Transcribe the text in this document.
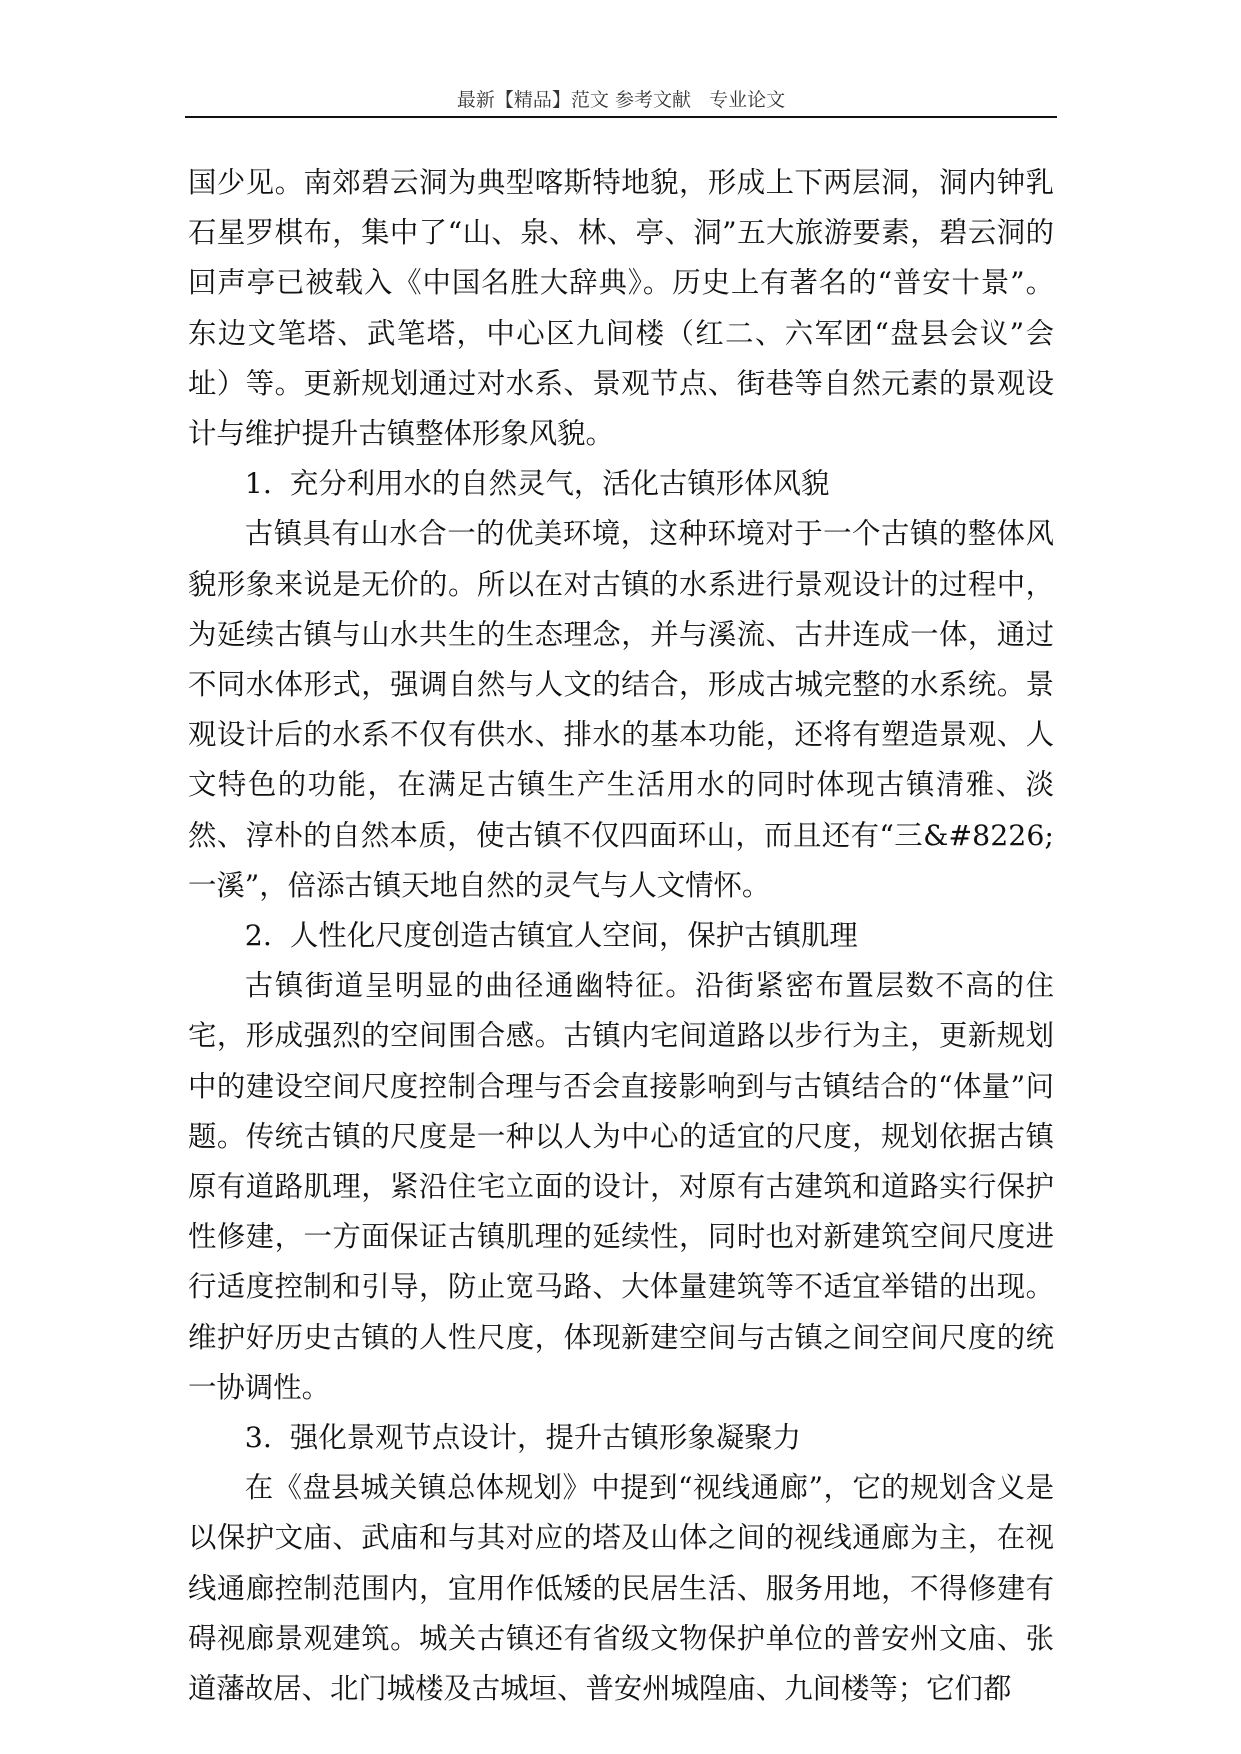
最新【精品】范文 参考文献   专业论文

国少见。南郊碧云洞为典型喀斯特地貌，形成上下两层洞，洞内钟乳石星罗棋布，集中了“山、泉、林、亭、洞”五大旅游要素，碧云洞的回声亭已被载入《中国名胜大辞典》。历史上有著名的“普安十景”。东边文笔塔、武笔塔，中心区九间楼（红二、六军团“盘县会议”会址）等。更新规划通过对水系、景观节点、街巷等自然元素的景观设计与维护提升古镇整体形象风貌。

1.  充分利用水的自然灵气，活化古镇形体风貌

古镇具有山水合一的优美环境，这种环境对于一个古镇的整体风貌形象来说是无价的。所以在对古镇的水系进行景观设计的过程中，为延续古镇与山水共生的生态理念，并与溪流、古井连成一体，通过不同水体形式，强调自然与人文的结合，形成古城完整的水系统。景观设计后的水系不仅有供水、排水的基本功能，还将有塑造景观、人文特色的功能，在满足古镇生产生活用水的同时体现古镇清雅、淡然、淳朴的自然本质，使古镇不仅四面环山，而且还有“三&#8226;一溪”，倍添古镇天地自然的灵气与人文情怀。

2.  人性化尺度创造古镇宜人空间，保护古镇肌理

古镇街道呈明显的曲径通幽特征。沿街紧密布置层数不高的住宅，形成强烈的空间围合感。古镇内宅间道路以步行为主，更新规划中的建设空间尺度控制合理与否会直接影响到与古镇结合的“体量”问题。传统古镇的尺度是一种以人为中心的适宜的尺度，规划依据古镇原有道路肌理，紧沿住宅立面的设计，对原有古建筑和道路实行保护性修建，一方面保证古镇肌理的延续性，同时也对新建筑空间尺度进行适度控制和引导，防止宽马路、大体量建筑等不适宜举错的出现。维护好历史古镇的人性尺度，体现新建空间与古镇之间空间尺度的统一协调性。

3.  强化景观节点设计，提升古镇形象凝聚力

在《盘县城关镇总体规划》中提到“视线通廊”，它的规划含义是以保护文庙、武庙和与其对应的塔及山体之间的视线通廊为主，在视线通廊控制范围内，宜用作低矮的民居生活、服务用地，不得修建有碍视廊景观建筑。城关古镇还有省级文物保护单位的普安州文庙、张道藩故居、北门城楼及古城垣、普安州城隍庙、九间楼等；它们都
